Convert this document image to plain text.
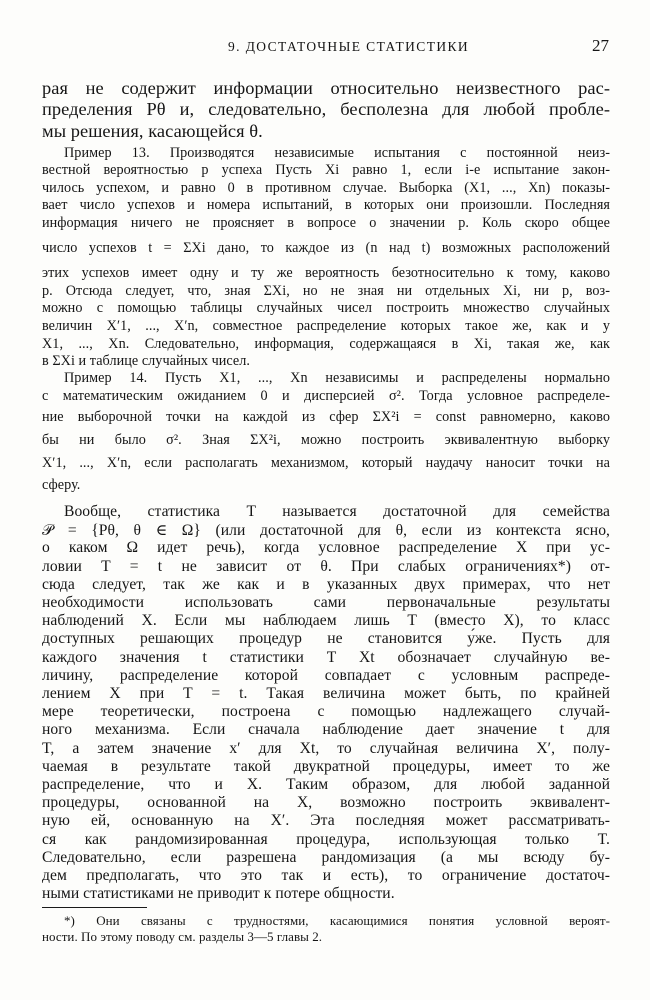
9. ДОСТАТОЧНЫЕ СТАТИСТИКИ	27
рая не содержит информации относительно неизвестного рас-
пределения Pθ и, следовательно, бесполезна для любой проблe-
мы решения, касающейся θ.
Пример 13. Производятся независимые испытания с постоянной неиз-
вестной вероятностью p успеха Пусть Xi равно 1, если i-е испытание закон-
чилось успехом, и равно 0 в противном случае. Выборка (X1, ..., Xn) показы-
вает число успехов и номера испытаний, в которых они произошли. Последняя
информация ничего не проясняет в вопросе о значении p. Коль скоро общее
число успехов t = ΣXi дано, то каждое из (n над t) возможных расположений
этих успехов имеет одну и ту же вероятность безотносительно к тому, каково
p. Отсюда следует, что, зная ΣXi, но не зная ни отдельных Xi, ни p, воз-
можно с помощью таблицы случайных чисел построить множество случайных
величин X′1, ..., X′n, совместное распределение которых такое же, как и у
X1, ..., Xn. Следовательно, информация, содержащаяся в Xi, такая же, как
в ΣXi и таблице случайных чисел.
Пример 14. Пусть X1, ..., Xn независимы и распределены нормально
с математическим ожиданием 0 и дисперсией σ². Тогда условное распределе-
ние выборочной точки на каждой из сфер ΣX²i = const равномерно, каково
бы ни было σ². Зная ΣX²i, можно построить эквивалентную выборку
X′1, ..., X′n, если располагать механизмом, который наудачу наносит точки на
сферу.
Вообще, статистика T называется достаточной для семейства
𝒫 = {Pθ, θ ∈ Ω} (или достаточной для θ, если из контекста ясно,
о каком Ω идет речь), когда условное распределение X при ус-
ловии T = t не зависит от θ. При слабых ограничениях*) от-
сюда следует, так же как и в указанных двух примерах, что нет
необходимости использовать сами первоначальные результаты
наблюдений X. Если мы наблюдаем лишь T (вместо X), то класс
доступных решающих процедур не становится у́же. Пусть для
каждого значения t статистики T Xt обозначает случайную ве-
личину, распределение которой совпадает с условным распреде-
лением X при T = t. Такая величина может быть, по крайней
мере теоретически, построена с помощью надлежащего случай-
ного механизма. Если сначала наблюдение дает значение t для
T, а затем значение x′ для Xt, то случайная величина X′, полу-
чаемая в результате такой двукратной процедуры, имеет то же
распределение, что и X. Таким образом, для любой заданной
процедуры, основанной на X, возможно построить эквивалент-
ную ей, основанную на X′. Эта последняя может рассматривать-
ся как рандомизированная процедура, использующая только T.
Следовательно, если разрешена рандомизация (а мы всюду бу-
дем предполагать, что это так и есть), то ограничение достаточ-
ными статистиками не приводит к потере общности.
*) Они связаны с трудностями, касающимися понятия условной вероят-
ности. По этому поводу см. разделы 3—5 главы 2.
